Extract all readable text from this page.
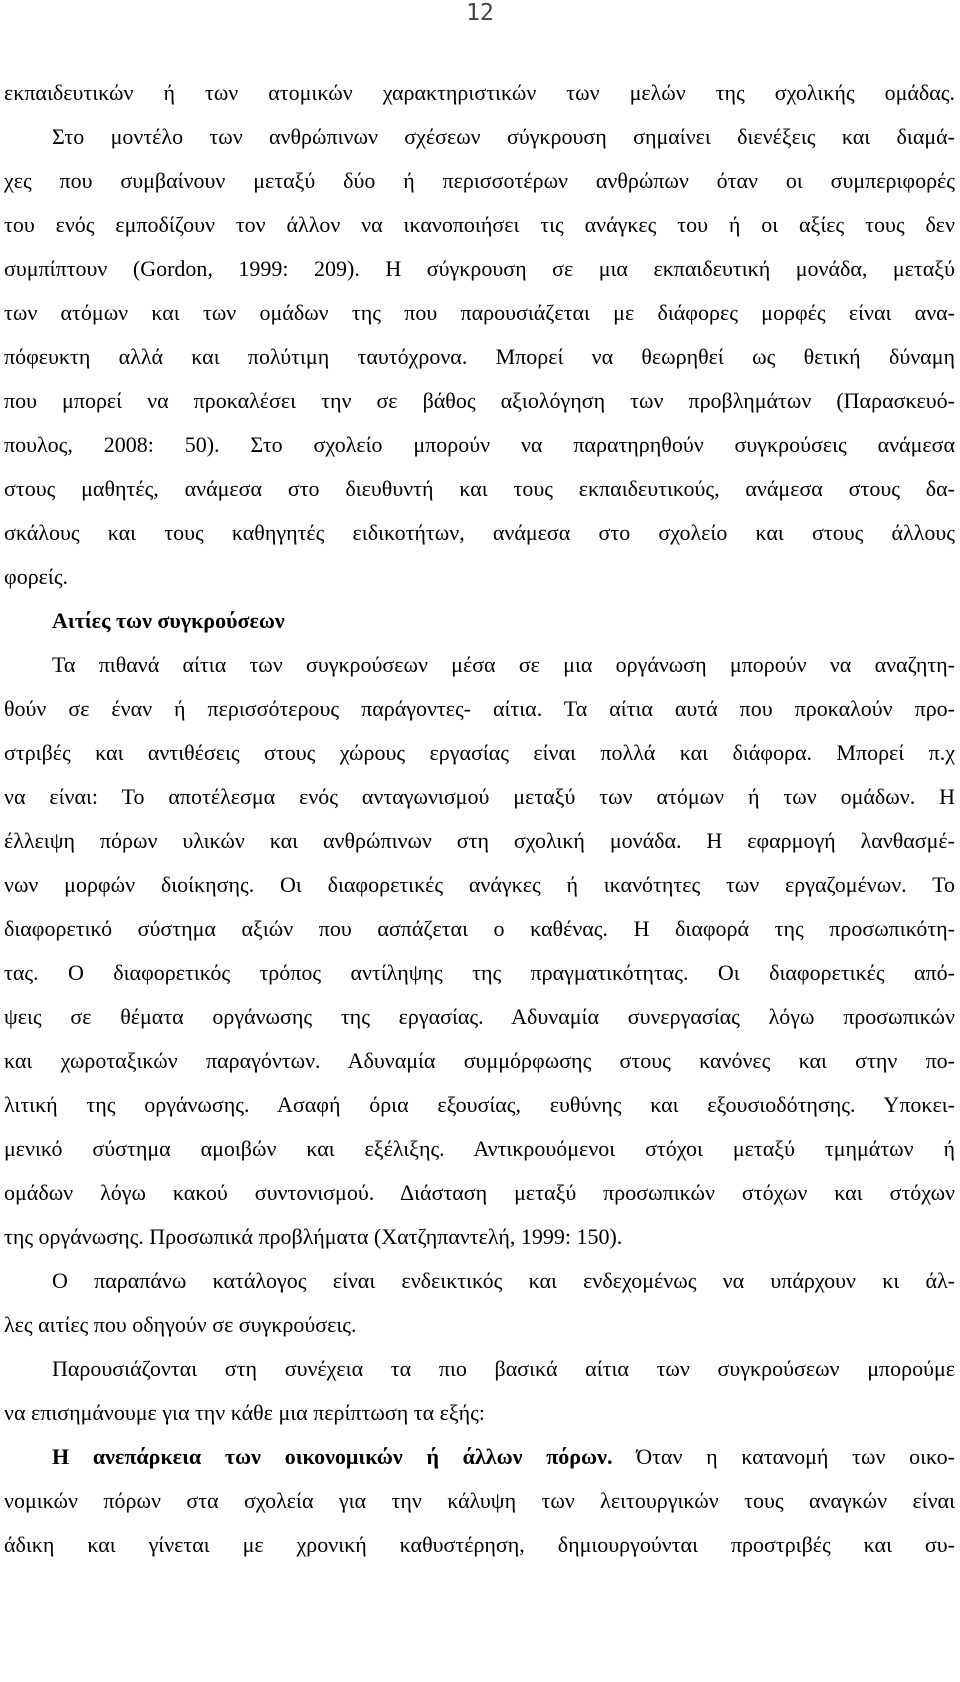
12
εκπαιδευτικών ή των ατομικών χαρακτηριστικών των μελών της σχολικής ομάδας.
Στο μοντέλο των ανθρώπινων σχέσεων σύγκρουση σημαίνει διενέξεις και διαμά-
χες που συμβαίνουν μεταξύ δύο ή περισσοτέρων ανθρώπων όταν οι συμπεριφορές
του ενός εμποδίζουν τον άλλον να ικανοποιήσει τις ανάγκες του ή οι αξίες τους δεν
συμπίπτουν (Gordon, 1999: 209). Η σύγκρουση σε μια εκπαιδευτική μονάδα, μεταξύ
των ατόμων και των ομάδων της που παρουσιάζεται με διάφορες μορφές είναι ανα-
πόφευκτη αλλά και πολύτιμη ταυτόχρονα. Μπορεί να θεωρηθεί ως θετική δύναμη
που μπορεί να προκαλέσει την σε βάθος αξιολόγηση των προβλημάτων (Παρασκευό-
πουλος, 2008: 50). Στο σχολείο μπορούν να παρατηρηθούν συγκρούσεις ανάμεσα
στους μαθητές, ανάμεσα στο διευθυντή και τους εκπαιδευτικούς, ανάμεσα στους δα-
σκάλους και τους καθηγητές ειδικοτήτων, ανάμεσα στο σχολείο και στους άλλους
φορείς.
Αιτίες των συγκρούσεων
Τα πιθανά αίτια των συγκρούσεων μέσα σε μια οργάνωση μπορούν να αναζητη-
θούν σε έναν ή περισσότερους παράγοντες- αίτια. Τα αίτια αυτά που προκαλούν προ-
στριβές και αντιθέσεις στους χώρους εργασίας είναι πολλά και διάφορα. Μπορεί π.χ
να είναι: Το αποτέλεσμα ενός ανταγωνισμού μεταξύ των ατόμων ή των ομάδων. Η
έλλειψη πόρων υλικών και ανθρώπινων στη σχολική μονάδα. Η εφαρμογή λανθασμέ-
νων μορφών διοίκησης. Οι διαφορετικές ανάγκες ή ικανότητες των εργαζομένων. Το
διαφορετικό σύστημα αξιών που ασπάζεται ο καθένας. Η διαφορά της προσωπικότη-
τας. Ο διαφορετικός τρόπος αντίληψης της πραγματικότητας. Οι διαφορετικές από-
ψεις σε θέματα οργάνωσης της εργασίας. Αδυναμία συνεργασίας λόγω προσωπικών
και χωροταξικών παραγόντων. Αδυναμία συμμόρφωσης στους κανόνες και στην πο-
λιτική της οργάνωσης. Ασαφή όρια εξουσίας, ευθύνης και εξουσιοδότησης. Υποκει-
μενικό σύστημα αμοιβών και εξέλιξης. Αντικρουόμενοι στόχοι μεταξύ τμημάτων ή
ομάδων λόγω κακού συντονισμού. Διάσταση μεταξύ προσωπικών στόχων και στόχων
της οργάνωσης. Προσωπικά προβλήματα (Χατζηπαντελή, 1999: 150).
Ο παραπάνω κατάλογος είναι ενδεικτικός και ενδεχομένως να υπάρχουν κι άλ-
λες αιτίες που οδηγούν σε συγκρούσεις.
Παρουσιάζονται στη συνέχεια τα πιο βασικά αίτια των συγκρούσεων μπορούμε
να επισημάνουμε για την κάθε μια περίπτωση τα εξής:
Η ανεπάρκεια των οικονομικών ή άλλων πόρων. Όταν η κατανομή των οικο-
νομικών πόρων στα σχολεία για την κάλυψη των λειτουργικών τους αναγκών είναι
άδικη και γίνεται με χρονική καθυστέρηση, δημιουργούνται προστριβές και συ-
